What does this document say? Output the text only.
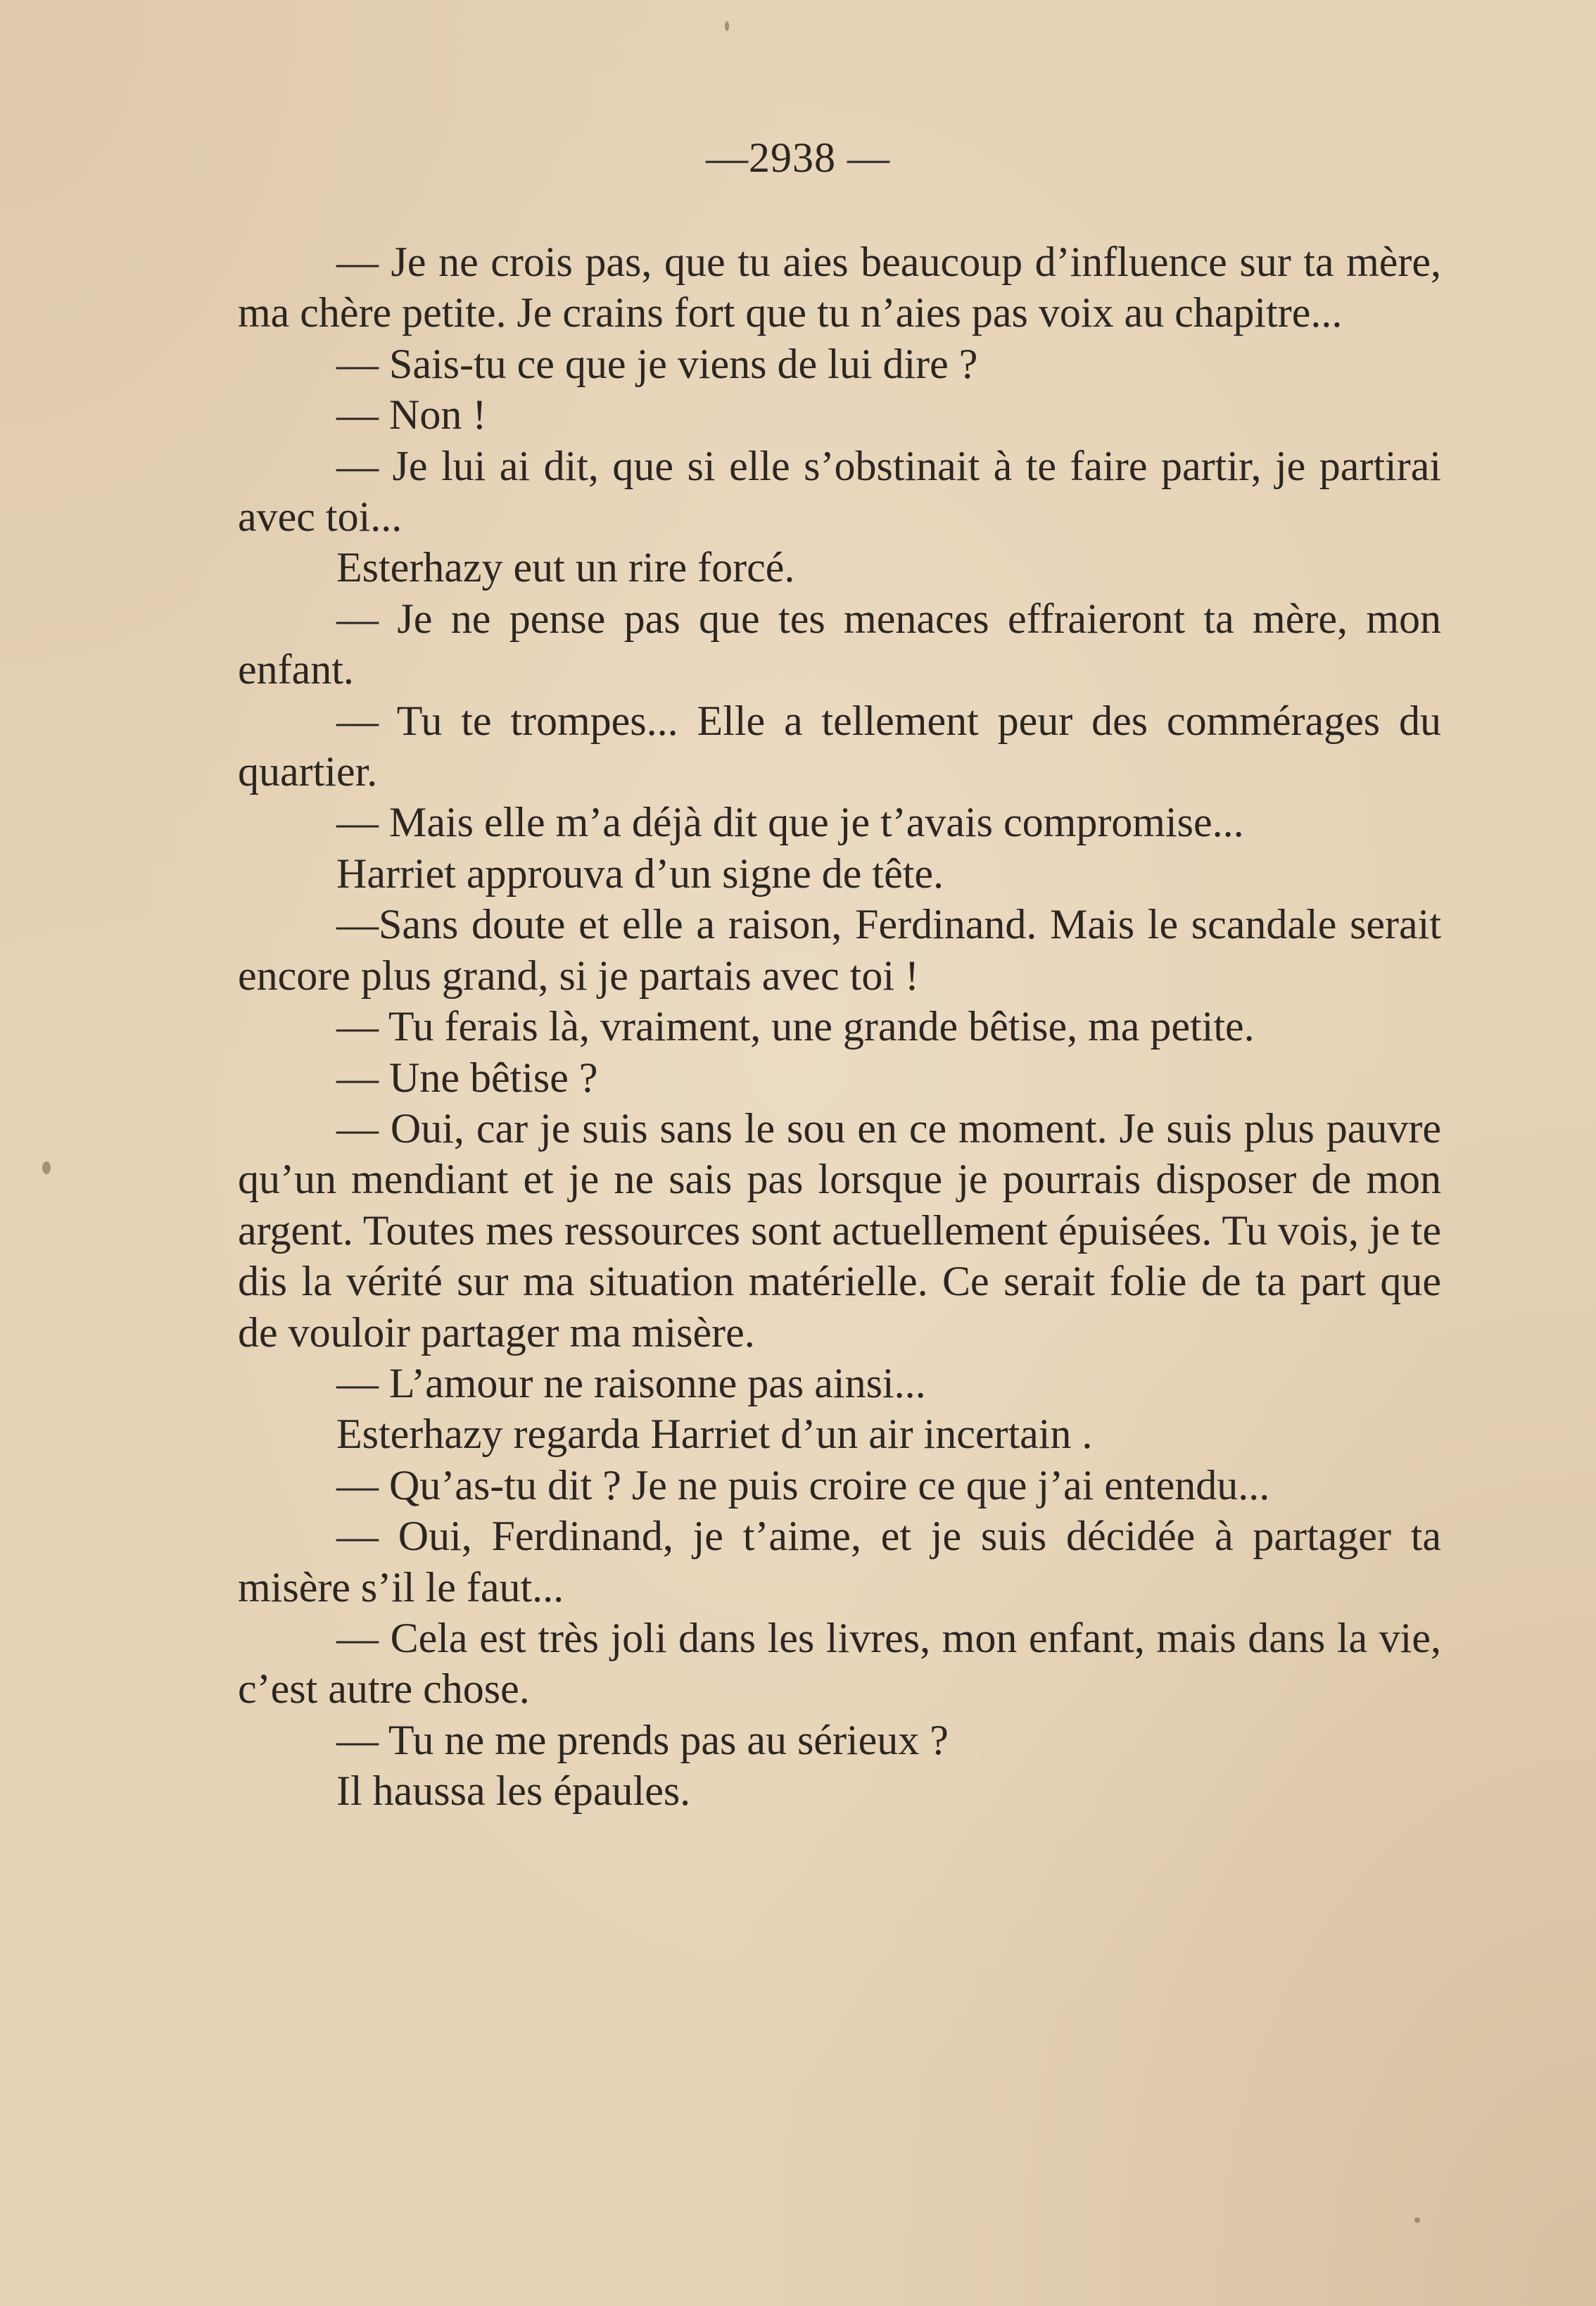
—2938 —

— Je ne crois pas, que tu aies beaucoup d’influence sur ta mère, ma chère petite. Je crains fort que tu n’aies pas voix au chapitre...

— Sais-tu ce que je viens de lui dire ?

— Non !

— Je lui ai dit, que si elle s’obstinait à te faire partir, je partirai avec toi...

Esterhazy eut un rire forcé.

— Je ne pense pas que tes menaces effraieront ta mère, mon enfant.

— Tu te trompes... Elle a tellement peur des commérages du quartier.

— Mais elle m’a déjà dit que je t’avais compromise...

Harriet approuva d’un signe de tête.

—Sans doute et elle a raison, Ferdinand. Mais le scandale serait encore plus grand, si je partais avec toi !

— Tu ferais là, vraiment, une grande bêtise, ma petite.

— Une bêtise ?

— Oui, car je suis sans le sou en ce moment. Je suis plus pauvre qu’un mendiant et je ne sais pas lorsque je pourrais disposer de mon argent. Toutes mes ressources sont actuellement épuisées. Tu vois, je te dis la vérité sur ma situation matérielle. Ce serait folie de ta part que de vouloir partager ma misère.

— L’amour ne raisonne pas ainsi...

Esterhazy regarda Harriet d’un air incertain .

— Qu’as-tu dit ? Je ne puis croire ce que j’ai entendu...

— Oui, Ferdinand, je t’aime, et je suis décidée à partager ta misère s’il le faut...

— Cela est très joli dans les livres, mon enfant, mais dans la vie, c’est autre chose.

— Tu ne me prends pas au sérieux ?

Il haussa les épaules.
